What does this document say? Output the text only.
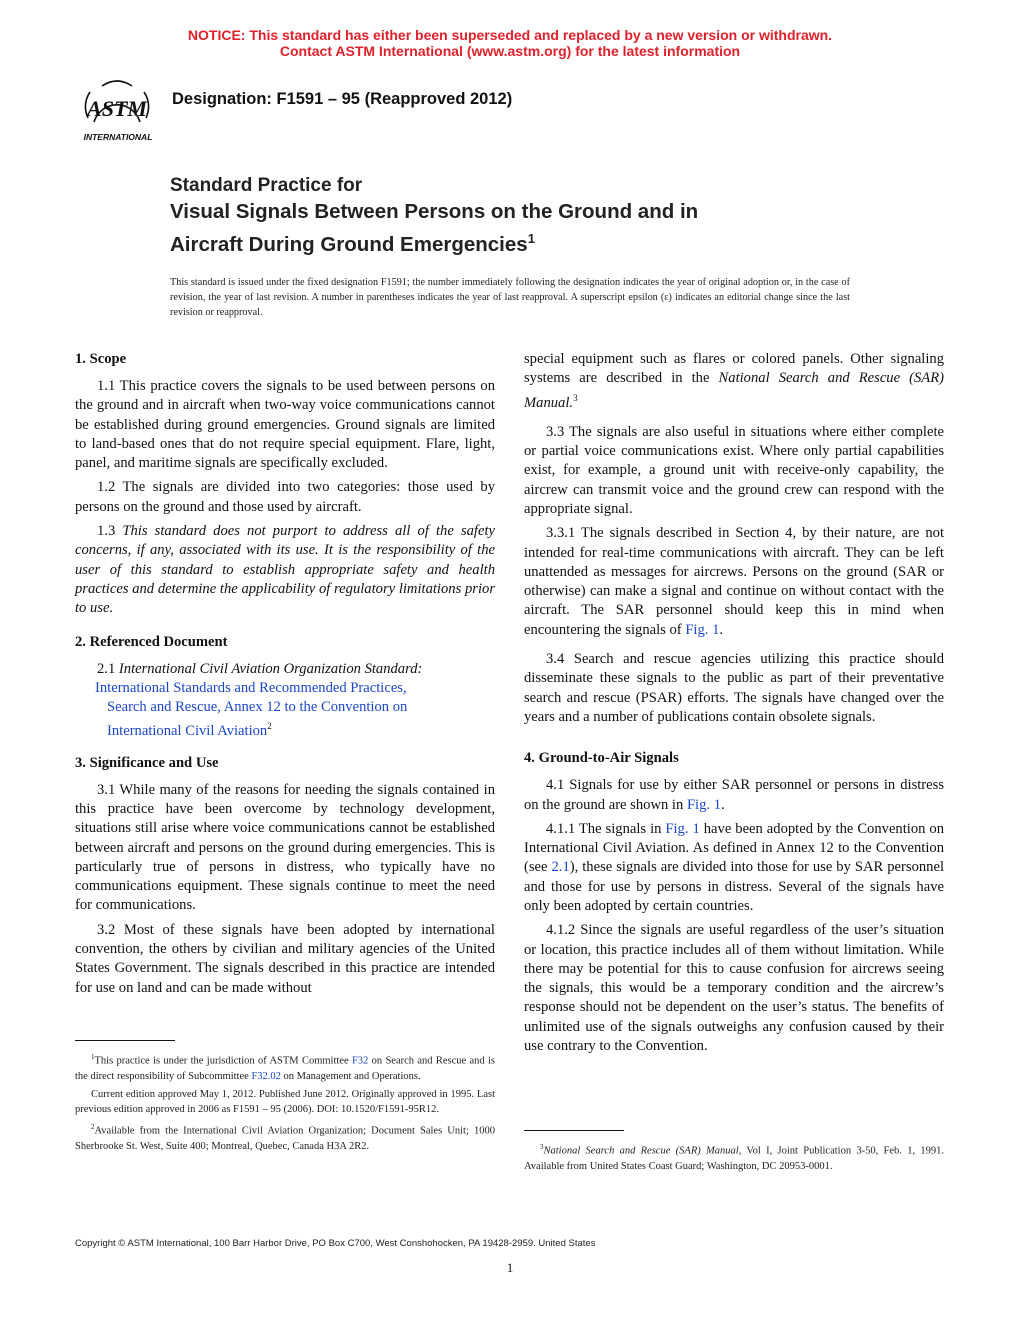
NOTICE: This standard has either been superseded and replaced by a new version or withdrawn.
Contact ASTM International (www.astm.org) for the latest information
ASTM
INTERNATIONAL
Designation: F1591 – 95 (Reapproved 2012)
Standard Practice for
Visual Signals Between Persons on the Ground and in
Aircraft During Ground Emergencies$^1$
This standard is issued under the fixed designation F1591; the number immediately following the designation indicates the year of original adoption or, in the case of revision, the year of last revision. A number in parentheses indicates the year of last reapproval. A superscript epsilon (ε) indicates an editorial change since the last revision or reapproval.
1. Scope

1.1 This practice covers the signals to be used between persons on the ground and in aircraft when two-way voice communications cannot be established during ground emergencies. Ground signals are limited to land-based ones that do not require special equipment. Flare, light, panel, and maritime signals are specifically excluded.

1.2 The signals are divided into two categories: those used by persons on the ground and those used by aircraft.

1.3 This standard does not purport to address all of the safety concerns, if any, associated with its use. It is the responsibility of the user of this standard to establish appropriate safety and health practices and determine the applicability of regulatory limitations prior to use.

2. Referenced Document
2.1 International Civil Aviation Organization Standard:
International Standards and Recommended Practices,
Search and Rescue, Annex 12 to the Convention on
International Civil Aviation$^2$
3. Significance and Use

3.1 While many of the reasons for needing the signals contained in this practice have been overcome by technology development, situations still arise where voice communications cannot be established between aircraft and persons on the ground during emergencies. This is particularly true of persons in distress, who typically have no communications equipment. These signals continue to meet the need for communications.

3.2 Most of these signals have been adopted by international convention, the others by civilian and military agencies of the United States Government. The signals described in this practice are intended for use on land and can be made without

$^1$This practice is under the jurisdiction of ASTM Committee F32 on Search and Rescue and is the direct responsibility of Subcommittee F32.02 on Management and Operations.

Current edition approved May 1, 2012. Published June 2012. Originally approved in 1995. Last previous edition approved in 2006 as F1591 – 95 (2006). DOI: 10.1520/F1591-95R12.

$^2$Available from the International Civil Aviation Organization; Document Sales Unit; 1000 Sherbrooke St. West, Suite 400; Montreal, Quebec, Canada H3A 2R2.

special equipment such as flares or colored panels. Other signaling systems are described in the National Search and Rescue (SAR) Manual.$^3$

3.3 The signals are also useful in situations where either complete or partial voice communications exist. Where only partial capabilities exist, for example, a ground unit with receive-only capability, the aircrew can transmit voice and the ground crew can respond with the appropriate signal.

3.3.1 The signals described in Section 4, by their nature, are not intended for real-time communications with aircraft. They can be left unattended as messages for aircrews. Persons on the ground (SAR or otherwise) can make a signal and continue on without contact with the aircraft. The SAR personnel should keep this in mind when encountering the signals of Fig. 1.

3.4 Search and rescue agencies utilizing this practice should disseminate these signals to the public as part of their preventative search and rescue (PSAR) efforts. The signals have changed over the years and a number of publications contain obsolete signals.

4. Ground-to-Air Signals

4.1 Signals for use by either SAR personnel or persons in distress on the ground are shown in Fig. 1.

4.1.1 The signals in Fig. 1 have been adopted by the Convention on International Civil Aviation. As defined in Annex 12 to the Convention (see 2.1), these signals are divided into those for use by SAR personnel and those for use by persons in distress. Several of the signals have only been adopted by certain countries.

4.1.2 Since the signals are useful regardless of the user’s situation or location, this practice includes all of them without limitation. While there may be potential for this to cause confusion for aircrews seeing the signals, this would be a temporary condition and the aircrew’s response should not be dependent on the user’s status. The benefits of unlimited use of the signals outweighs any confusion caused by their use contrary to the Convention.

$^3$National Search and Rescue (SAR) Manual, Vol I, Joint Publication 3-50, Feb. 1, 1991. Available from United States Coast Guard; Washington, DC 20953-0001.

Copyright © ASTM International, 100 Barr Harbor Drive, PO Box C700, West Conshohocken, PA 19428-2959. United States
1
